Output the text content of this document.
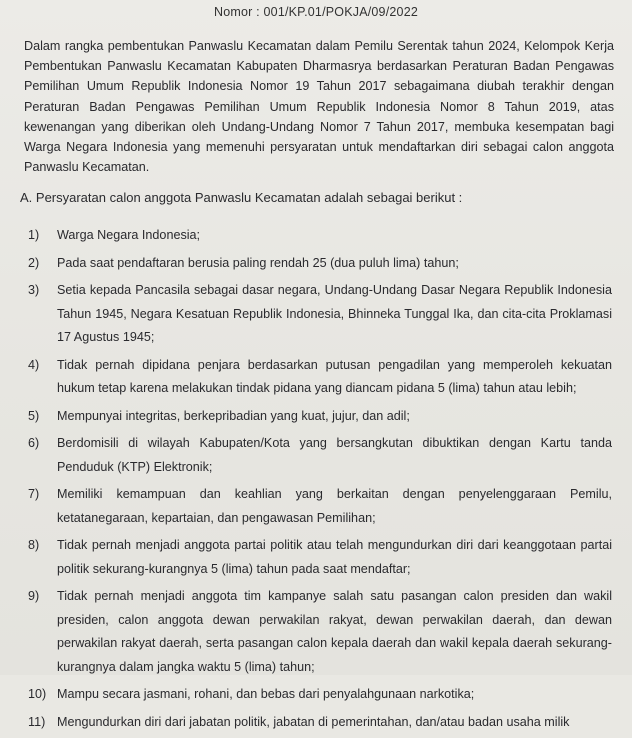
Nomor : 001/KP.01/POKJA/09/2022
Dalam rangka pembentukan Panwaslu Kecamatan dalam Pemilu Serentak tahun 2024, Kelompok Kerja Pembentukan Panwaslu Kecamatan Kabupaten Dharmasrya berdasarkan Peraturan Badan Pengawas Pemilihan Umum Republik Indonesia Nomor 19 Tahun 2017 sebagaimana diubah terakhir dengan Peraturan Badan Pengawas Pemilihan Umum Republik Indonesia Nomor 8 Tahun 2019, atas kewenangan yang diberikan oleh Undang-Undang Nomor 7 Tahun 2017, membuka kesempatan bagi Warga Negara Indonesia yang memenuhi persyaratan untuk mendaftarkan diri sebagai calon anggota Panwaslu Kecamatan.
A. Persyaratan calon anggota Panwaslu Kecamatan adalah sebagai berikut :
1)	Warga Negara Indonesia;
2)	Pada saat pendaftaran berusia paling rendah 25 (dua puluh lima) tahun;
3)	Setia kepada Pancasila sebagai dasar negara, Undang-Undang Dasar Negara Republik Indonesia Tahun 1945, Negara Kesatuan Republik Indonesia, Bhinneka Tunggal Ika, dan cita-cita Proklamasi 17 Agustus 1945;
4)	Tidak pernah dipidana penjara berdasarkan putusan pengadilan yang memperoleh kekuatan hukum tetap karena melakukan tindak pidana yang diancam pidana 5 (lima) tahun atau lebih;
5)	Mempunyai integritas, berkepribadian yang kuat, jujur, dan adil;
6)	Berdomisili di wilayah Kabupaten/Kota yang bersangkutan dibuktikan dengan Kartu tanda Penduduk (KTP) Elektronik;
7)	Memiliki kemampuan dan keahlian yang berkaitan dengan penyelenggaraan Pemilu, ketatanegaraan, kepartaian, dan pengawasan Pemilihan;
8)	Tidak pernah menjadi anggota partai politik atau telah mengundurkan diri dari keanggotaan partai politik sekurang-kurangnya 5 (lima) tahun pada saat mendaftar;
9)	Tidak pernah menjadi anggota tim kampanye salah satu pasangan calon presiden dan wakil presiden, calon anggota dewan perwakilan rakyat, dewan perwakilan daerah, dan dewan perwakilan rakyat daerah, serta pasangan calon kepala daerah dan wakil kepala daerah sekurang-kurangnya dalam jangka waktu 5 (lima) tahun;
10) Mampu secara jasmani, rohani, dan bebas dari penyalahgunaan narkotika;
11) Mengundurkan diri dari jabatan politik, jabatan di pemerintahan, dan/atau badan usaha milik
